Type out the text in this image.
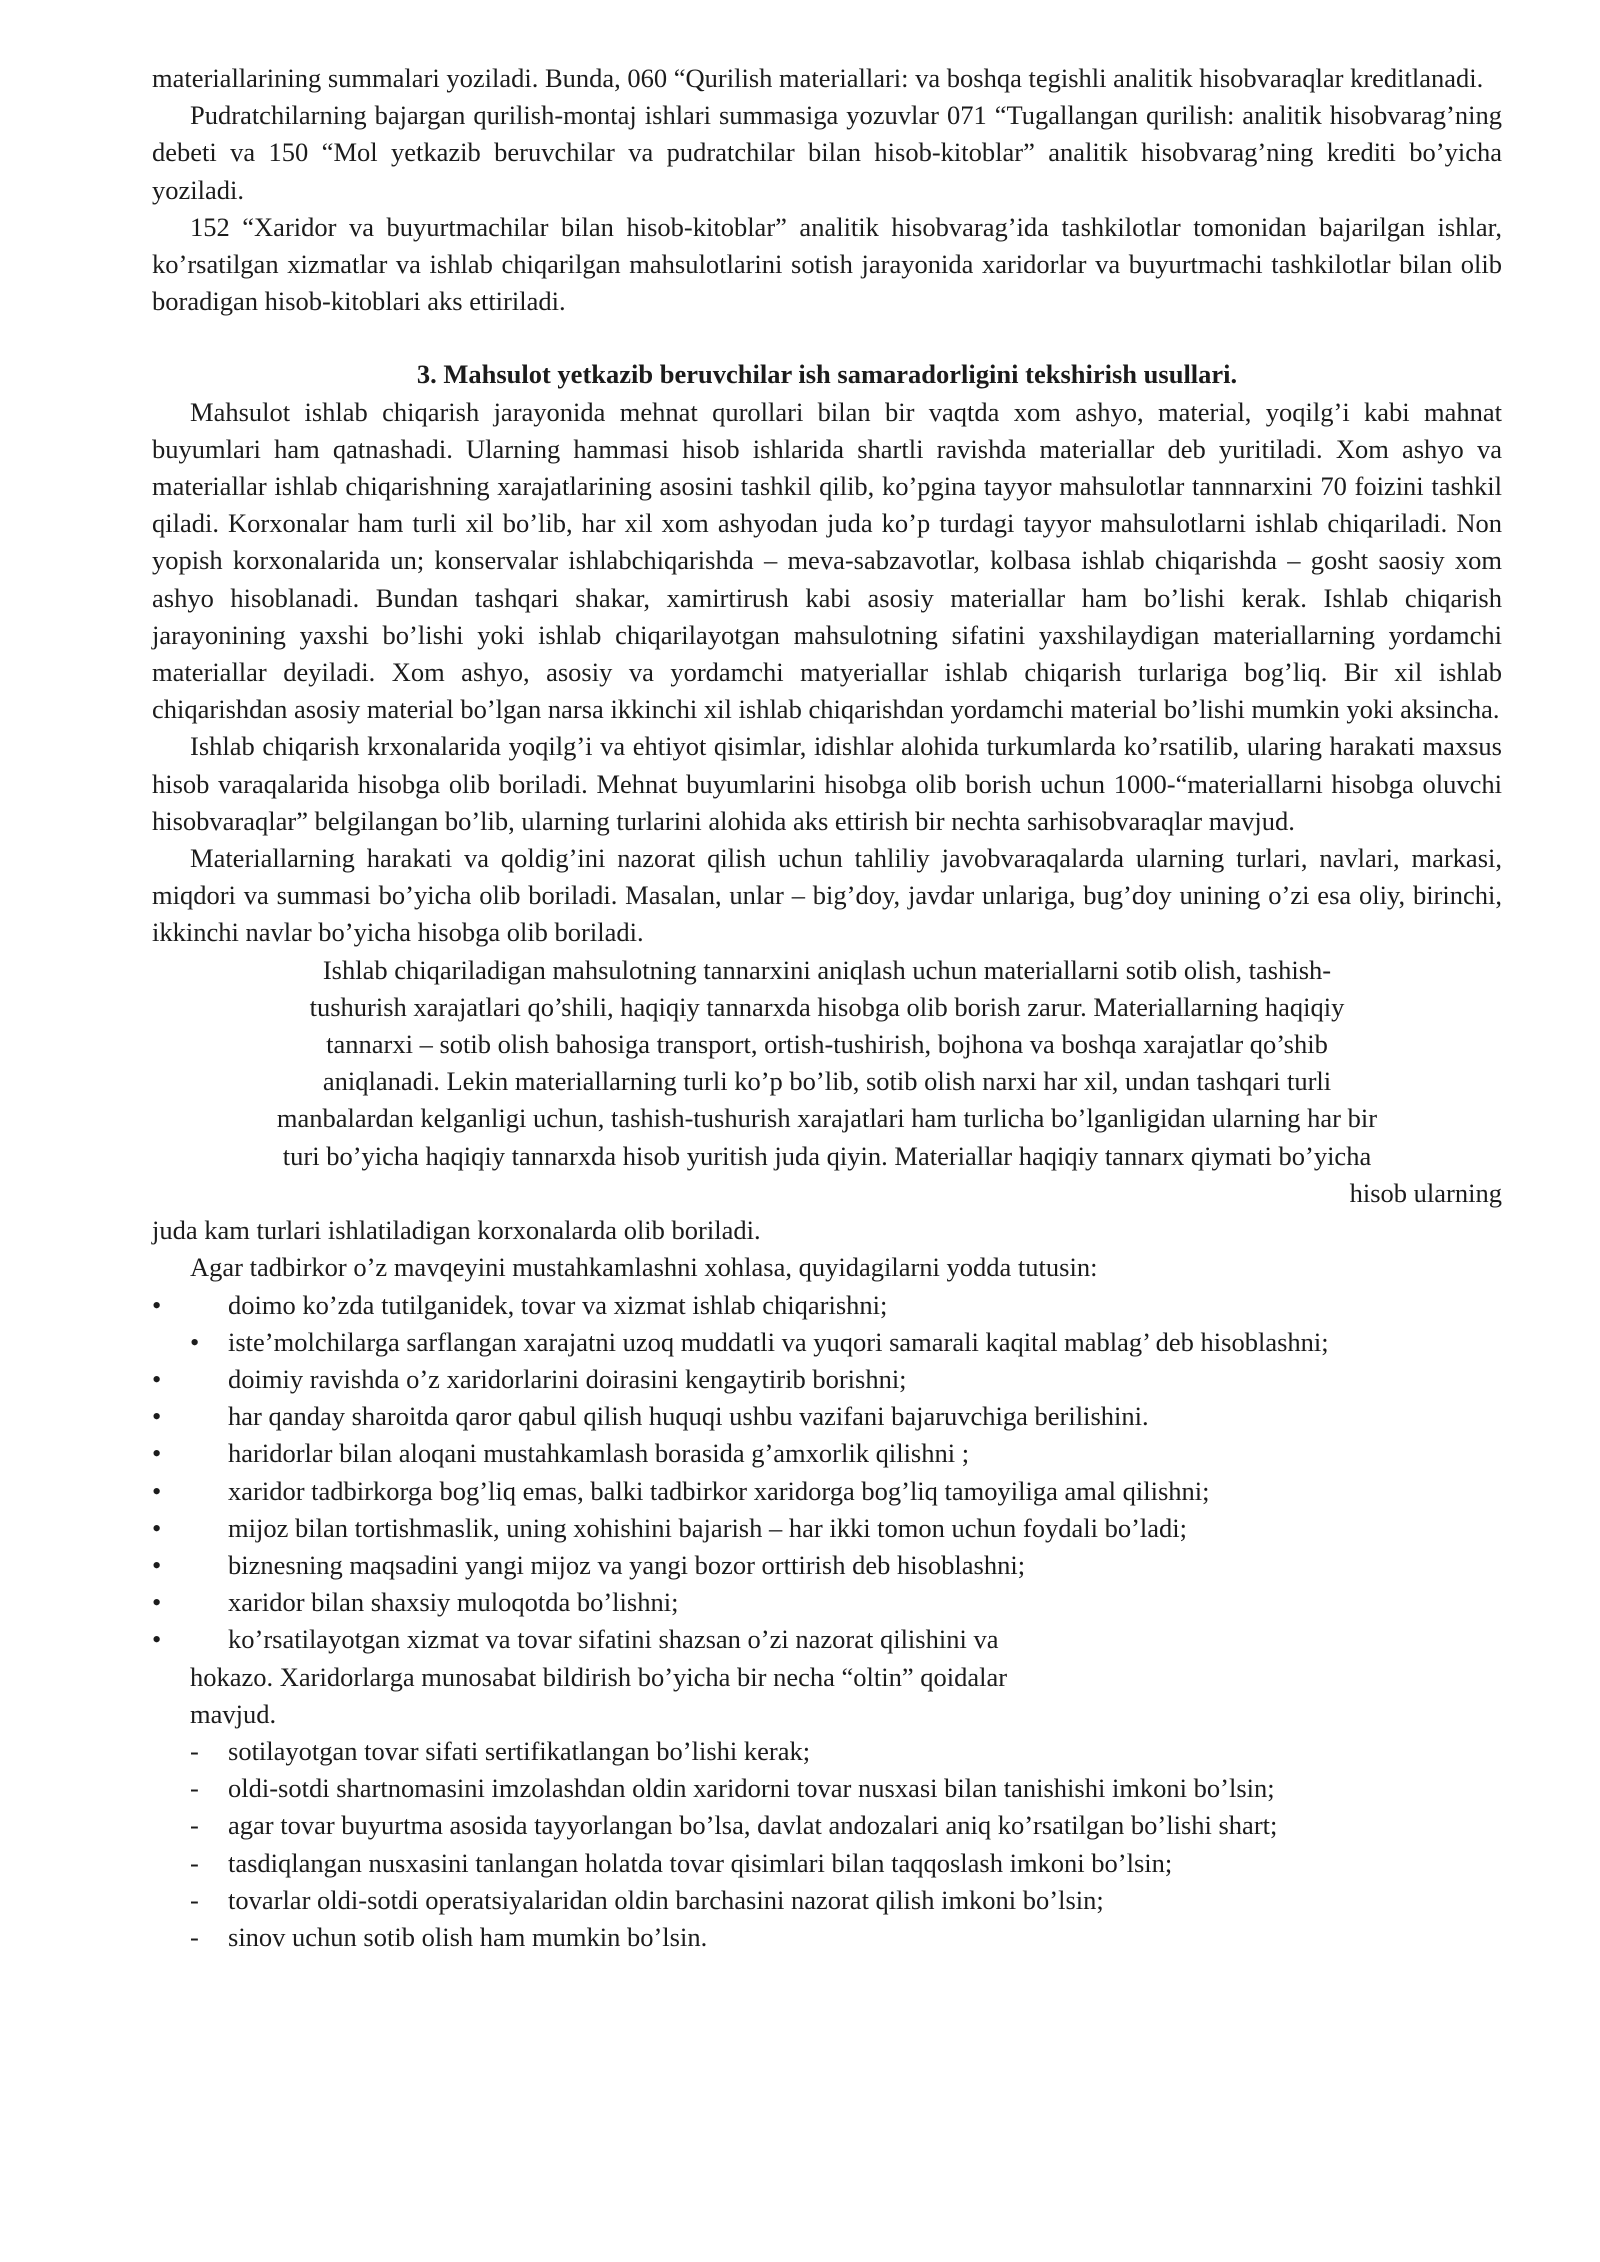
materiallarining summalari yoziladi. Bunda, 060 “Qurilish materiallari: va boshqa tegishli analitik hisobvaraqlar kreditlanadi.

Pudratchilarning bajargan qurilish-montaj ishlari summasiga yozuvlar 071 “Tugallangan qurilish: analitik hisobvarag’ning debeti va 150 “Mol yetkazib beruvchilar va pudratchilar bilan hisob-kitoblar” analitik hisobvarag’ning krediti bo’yicha yoziladi.

152 “Xaridor va buyurtmachilar bilan hisob-kitoblar” analitik hisobvarag’ida tashkilotlar tomonidan bajarilgan ishlar, ko’rsatilgan xizmatlar va ishlab chiqarilgan mahsulotlarini sotish jarayonida xaridorlar va buyurtmachi tashkilotlar bilan olib boradigan hisob-kitoblari aks ettiriladi.

3. Mahsulot yetkazib beruvchilar ish samaradorligini tekshirish usullari.

Mahsulot ishlab chiqarish jarayonida mehnat qurollari bilan bir vaqtda xom ashyo, material, yoqilg’i kabi mahnat buyumlari ham qatnashadi. Ularning hammasi hisob ishlarida shartli ravishda materiallar deb yuritiladi. Xom ashyo va materiallar ishlab chiqarishning xarajatlarining asosini tashkil qilib, ko’pgina tayyor mahsulotlar tannnarxini 70 foizini tashkil qiladi. Korxonalar ham turli xil bo’lib, har xil xom ashyodan juda ko’p turdagi tayyor mahsulotlarni ishlab chiqariladi. Non yopish korxonalarida un; konservalar ishlabchiqarishda – meva-sabzavotlar, kolbasa ishlab chiqarishda – gosht saosiy xom ashyo hisoblanadi. Bundan tashqari shakar, xamirtirush kabi asosiy materiallar ham bo’lishi kerak. Ishlab chiqarish jarayonining yaxshi bo’lishi yoki ishlab chiqarilayotgan mahsulotning sifatini yaxshilaydigan materiallarning yordamchi materiallar deyiladi. Xom ashyo, asosiy va yordamchi matyeriallar ishlab chiqarish turlariga bog’liq. Bir xil ishlab chiqarishdan asosiy material bo’lgan narsa ikkinchi xil ishlab chiqarishdan yordamchi material bo’lishi mumkin yoki aksincha.

Ishlab chiqarish krxonalarida yoqilg’i va ehtiyot qisimlar, idishlar alohida turkumlarda ko’rsatilib, ularing harakati maxsus hisob varaqalarida hisobga olib boriladi. Mehnat buyumlarini hisobga olib borish uchun 1000-“materiallarni hisobga oluvchi hisobvaraqlar” belgilangan bo’lib, ularning turlarini alohida aks ettirish bir nechta sarhisobvaraqlar mavjud.

Materiallarning harakati va qoldig’ini nazorat qilish uchun tahliliy javobvaraqalarda ularning turlari, navlari, markasi, miqdori va summasi bo’yicha olib boriladi. Masalan, unlar – big’doy, javdar unlariga, bug’doy unining o’zi esa oliy, birinchi, ikkinchi navlar bo’yicha hisobga olib boriladi.

Ishlab chiqariladigan mahsulotning tannarxini aniqlash uchun materiallarni sotib olish, tashish-
tushurish xarajatlari qo’shili, haqiqiy tannarxda hisobga olib borish zarur. Materiallarning haqiqiy
tannarxi – sotib olish bahosiga transport, ortish-tushirish, bojhona va boshqa xarajatlar qo’shib
aniqlanadi. Lekin materiallarning turli ko’p bo’lib, sotib olish narxi har xil, undan tashqari turli
manbalardan kelganligi uchun, tashish-tushurish xarajatlari ham turlicha bo’lganligidan ularning har bir
turi bo’yicha haqiqiy tannarxda hisob yuritish juda qiyin. Materiallar haqiqiy tannarx qiymati bo’yicha
hisob ularning

juda kam turlari ishlatiladigan korxonalarda olib boriladi.

Agar tadbirkor o’z mavqeyini mustahkamlashni xohlasa, quyidagilarni yodda tutusin:

•	doimo ko’zda tutilganidek, tovar va xizmat ishlab chiqarishni;
•	iste’molchilarga sarflangan xarajatni uzoq muddatli va yuqori samarali kaqital mablag’ deb hisoblashni;
•	doimiy ravishda o’z xaridorlarini doirasini kengaytirib borishni;
•	har qanday sharoitda qaror qabul qilish huquqi ushbu vazifani bajaruvchiga berilishini.
•	haridorlar bilan aloqani mustahkamlash borasida g’amxorlik qilishni ;
•	xaridor tadbirkorga bog’liq emas, balki tadbirkor xaridorga bog’liq tamoyiliga amal qilishni;
•	mijoz bilan tortishmaslik, uning xohishini bajarish – har ikki tomon uchun foydali bo’ladi;
•	biznesning maqsadini yangi mijoz va yangi bozor orttirish deb hisoblashni;
•	xaridor bilan shaxsiy muloqotda bo’lishni;
•	ko’rsatilayotgan xizmat va tovar sifatini shazsan o’zi nazorat qilishini va
hokazo. Xaridorlarga munosabat bildirish bo’yicha bir necha “oltin” qoidalar
mavjud.
- sotilayotgan tovar sifati sertifikatlangan bo’lishi kerak;
- oldi-sotdi shartnomasini imzolashdan oldin xaridorni tovar nusxasi bilan tanishishi imkoni bo’lsin;
- agar tovar buyurtma asosida tayyorlangan bo’lsa, davlat andozalari aniq ko’rsatilgan bo’lishi shart;
- tasdiqlangan nusxasini tanlangan holatda tovar qisimlari bilan taqqoslash imkoni bo’lsin;
- tovarlar oldi-sotdi operatsiyalaridan oldin barchasini nazorat qilish imkoni bo’lsin;
- sinov uchun sotib olish ham mumkin bo’lsin.
